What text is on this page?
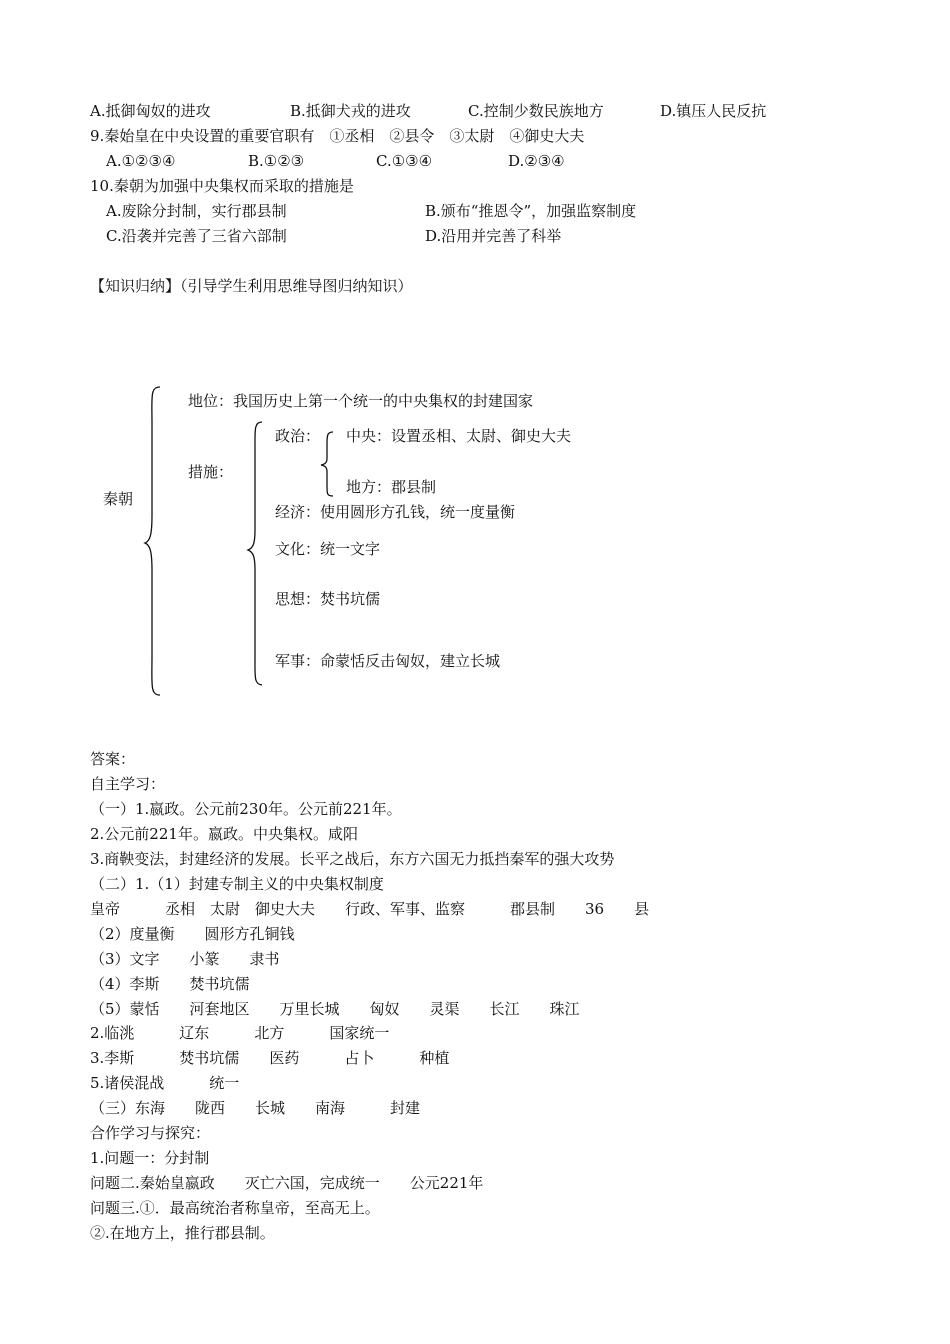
A.抵御匈奴的进攻	B.抵御犬戎的进攻	C.控制少数民族地方	D.镇压人民反抗
9.秦始皇在中央设置的重要官职有　①丞相　②县令　③太尉　④御史大夫
A.①②③④	B.①②③	C.①③④	D.②③④
10.秦朝为加强中央集权而采取的措施是
A.废除分封制，实行郡县制	B.颁布“推恩令”，加强监察制度
C.沿袭并完善了三省六部制	D.沿用并完善了科举
【知识归纳】（引导学生利用思维导图归纳知识）
秦朝
地位：我国历史上第一个统一的中央集权的封建国家
措施：
政治： 中央：设置丞相、太尉、御史大夫
地方：郡县制
经济：使用圆形方孔钱，统一度量衡
文化：统一文字
思想：焚书坑儒
军事：命蒙恬反击匈奴，建立长城
答案：
自主学习：
（一）1.嬴政。公元前230年。公元前221年。
2.公元前221年。嬴政。中央集权。咸阳
3.商鞅变法，封建经济的发展。长平之战后，东方六国无力抵挡秦军的强大攻势
（二）1.（1）封建专制主义的中央集权制度
皇帝　　　丞相　太尉　御史大夫　　行政、军事、监察　　　郡县制　　36　　县
（2）度量衡　　圆形方孔铜钱
（3）文字　　小篆　　隶书
（4）李斯　　焚书坑儒
（5）蒙恬　　河套地区　　万里长城　　匈奴　　灵渠　　长江　　珠江
2.临洮　　　辽东　　　北方　　　国家统一
3.李斯　　　焚书坑儒　　医药　　　占卜　　　种植
5.诸侯混战　　　统一
（三）东海　　陇西　　长城　　南海　　　封建
合作学习与探究：
1.问题一：分封制
问题二.秦始皇嬴政　　灭亡六国，完成统一　　公元221年
问题三.①．最高统治者称皇帝，至高无上。
②.在地方上，推行郡县制。
